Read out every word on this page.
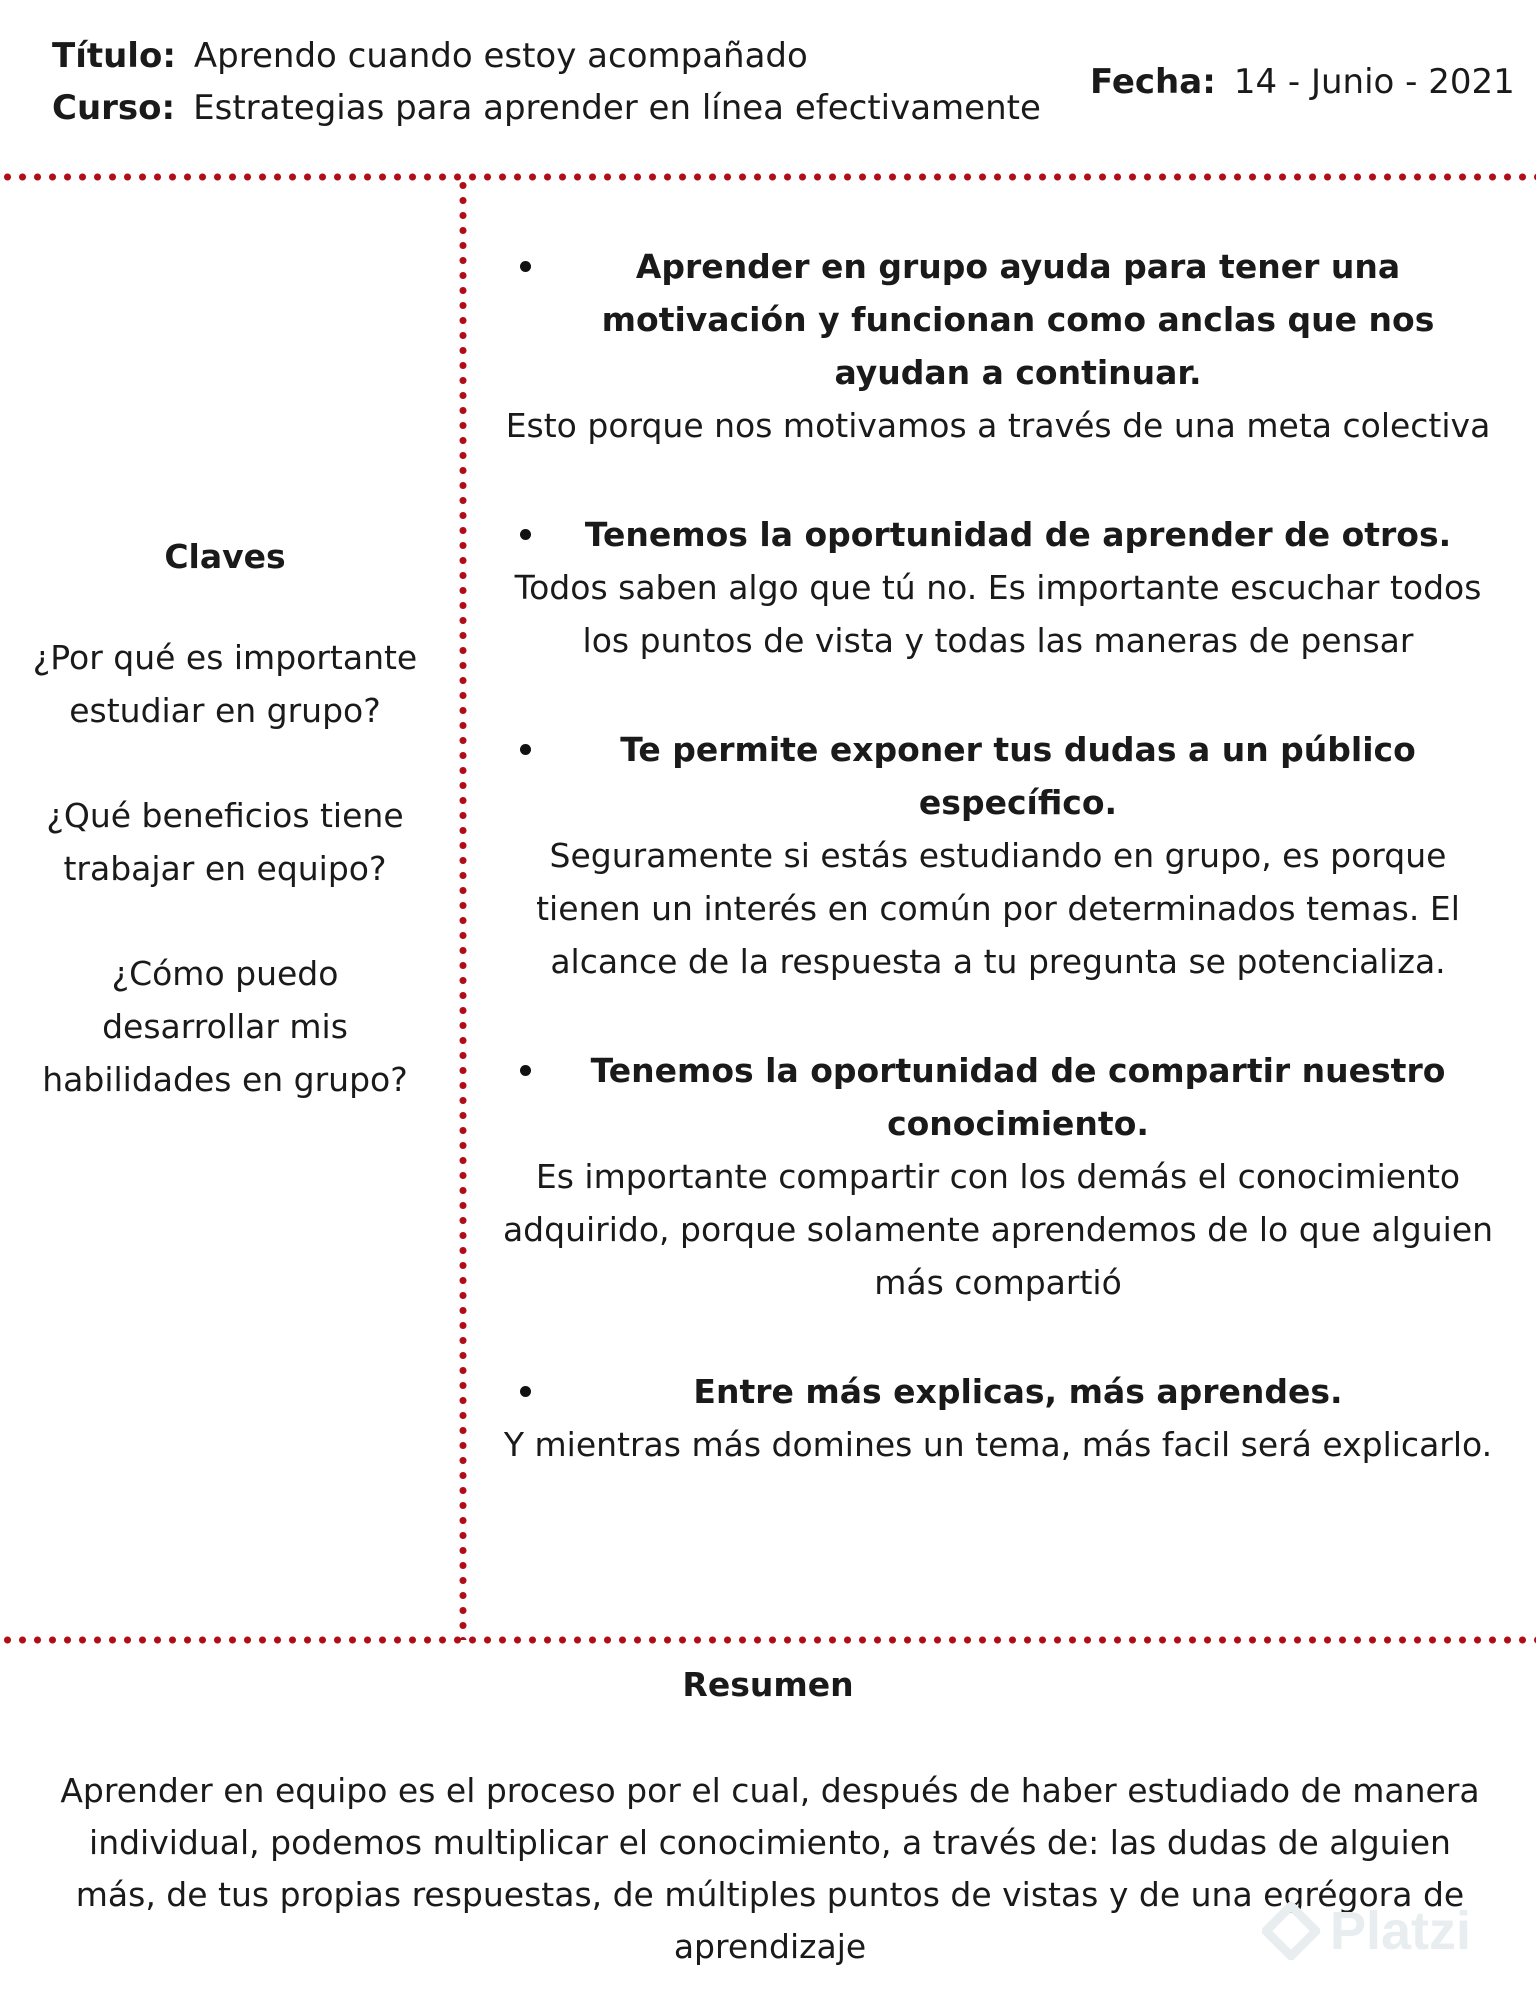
Título: Aprendo cuando estoy acompañado
Curso: Estrategias para aprender en línea efectivamente
Fecha: 14 - Junio - 2021
Claves
¿Por qué es importante estudiar en grupo?
¿Qué beneficios tiene trabajar en equipo?
¿Cómo puedo desarrollar mis habilidades en grupo?
Aprender en grupo ayuda para tener una motivación y funcionan como anclas que nos ayudan a continuar.
Esto porque nos motivamos a través de una meta colectiva
Tenemos la oportunidad de aprender de otros.
Todos saben algo que tú no. Es importante escuchar todos los puntos de vista y todas las maneras de pensar
Te permite exponer tus dudas a un público específico.
Seguramente si estás estudiando en grupo, es porque tienen un interés en común por determinados temas. El alcance de la respuesta a tu pregunta se potencializa.
Tenemos la oportunidad de compartir nuestro conocimiento.
Es importante compartir con los demás el conocimiento adquirido, porque solamente aprendemos de lo que alguien más compartió
Entre más explicas, más aprendes.
Y mientras más domines un tema, más facil será explicarlo.
Resumen
Aprender en equipo es el proceso por el cual, después de haber estudiado de manera individual, podemos multiplicar el conocimiento, a través de: las dudas de alguien más, de tus propias respuestas, de múltiples puntos de vistas y de una egrégora de aprendizaje	Platzi
